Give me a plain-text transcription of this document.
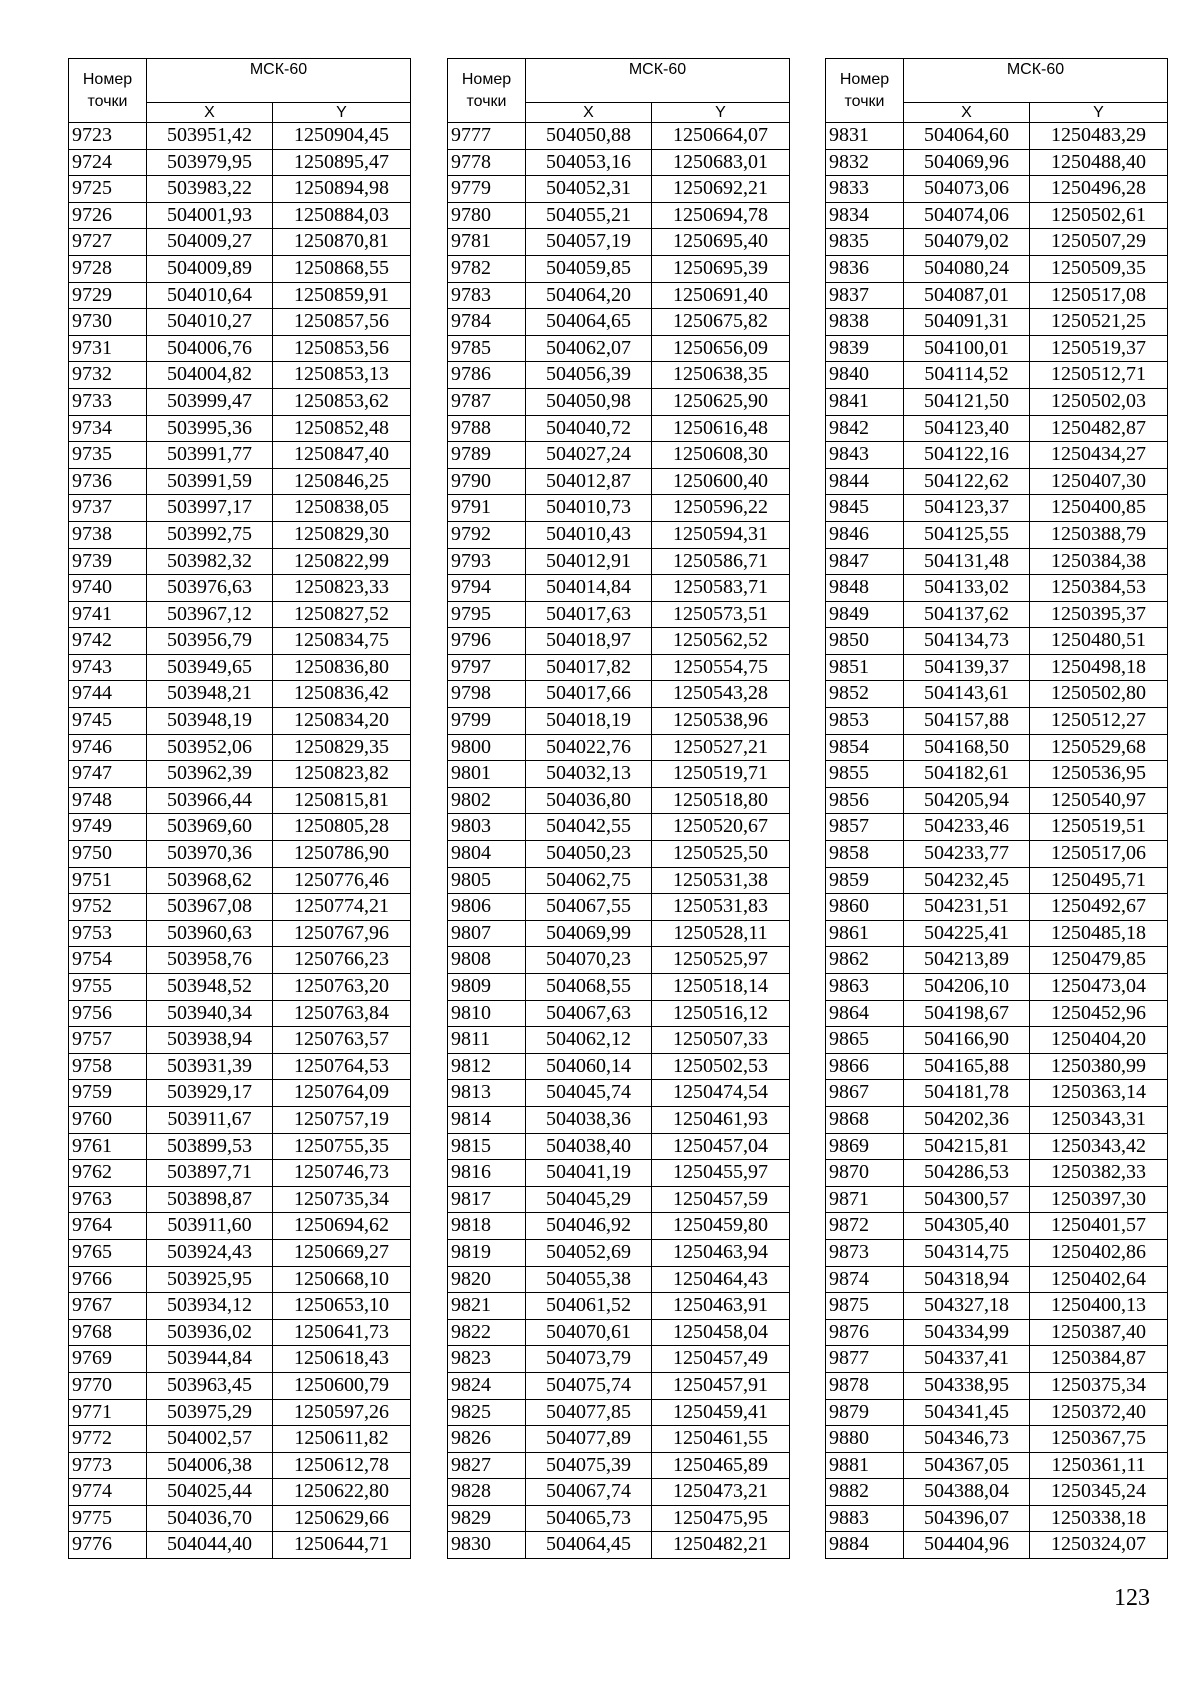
Номер точки	МСК-60	
	X	Y
9723	503951,42	1250904,45
9724	503979,95	1250895,47
9725	503983,22	1250894,98
9726	504001,93	1250884,03
9727	504009,27	1250870,81
9728	504009,89	1250868,55
9729	504010,64	1250859,91
9730	504010,27	1250857,56
9731	504006,76	1250853,56
9732	504004,82	1250853,13
9733	503999,47	1250853,62
9734	503995,36	1250852,48
9735	503991,77	1250847,40
9736	503991,59	1250846,25
9737	503997,17	1250838,05
9738	503992,75	1250829,30
9739	503982,32	1250822,99
9740	503976,63	1250823,33
9741	503967,12	1250827,52
9742	503956,79	1250834,75
9743	503949,65	1250836,80
9744	503948,21	1250836,42
9745	503948,19	1250834,20
9746	503952,06	1250829,35
9747	503962,39	1250823,82
9748	503966,44	1250815,81
9749	503969,60	1250805,28
9750	503970,36	1250786,90
9751	503968,62	1250776,46
9752	503967,08	1250774,21
9753	503960,63	1250767,96
9754	503958,76	1250766,23
9755	503948,52	1250763,20
9756	503940,34	1250763,84
9757	503938,94	1250763,57
9758	503931,39	1250764,53
9759	503929,17	1250764,09
9760	503911,67	1250757,19
9761	503899,53	1250755,35
9762	503897,71	1250746,73
9763	503898,87	1250735,34
9764	503911,60	1250694,62
9765	503924,43	1250669,27
9766	503925,95	1250668,10
9767	503934,12	1250653,10
9768	503936,02	1250641,73
9769	503944,84	1250618,43
9770	503963,45	1250600,79
9771	503975,29	1250597,26
9772	504002,57	1250611,82
9773	504006,38	1250612,78
9774	504025,44	1250622,80
9775	504036,70	1250629,66
9776	504044,40	1250644,71
Номер точки	МСК-60	
	X	Y
9777	504050,88	1250664,07
9778	504053,16	1250683,01
9779	504052,31	1250692,21
9780	504055,21	1250694,78
9781	504057,19	1250695,40
9782	504059,85	1250695,39
9783	504064,20	1250691,40
9784	504064,65	1250675,82
9785	504062,07	1250656,09
9786	504056,39	1250638,35
9787	504050,98	1250625,90
9788	504040,72	1250616,48
9789	504027,24	1250608,30
9790	504012,87	1250600,40
9791	504010,73	1250596,22
9792	504010,43	1250594,31
9793	504012,91	1250586,71
9794	504014,84	1250583,71
9795	504017,63	1250573,51
9796	504018,97	1250562,52
9797	504017,82	1250554,75
9798	504017,66	1250543,28
9799	504018,19	1250538,96
9800	504022,76	1250527,21
9801	504032,13	1250519,71
9802	504036,80	1250518,80
9803	504042,55	1250520,67
9804	504050,23	1250525,50
9805	504062,75	1250531,38
9806	504067,55	1250531,83
9807	504069,99	1250528,11
9808	504070,23	1250525,97
9809	504068,55	1250518,14
9810	504067,63	1250516,12
9811	504062,12	1250507,33
9812	504060,14	1250502,53
9813	504045,74	1250474,54
9814	504038,36	1250461,93
9815	504038,40	1250457,04
9816	504041,19	1250455,97
9817	504045,29	1250457,59
9818	504046,92	1250459,80
9819	504052,69	1250463,94
9820	504055,38	1250464,43
9821	504061,52	1250463,91
9822	504070,61	1250458,04
9823	504073,79	1250457,49
9824	504075,74	1250457,91
9825	504077,85	1250459,41
9826	504077,89	1250461,55
9827	504075,39	1250465,89
9828	504067,74	1250473,21
9829	504065,73	1250475,95
9830	504064,45	1250482,21
Номер точки	МСК-60	
	X	Y
9831	504064,60	1250483,29
9832	504069,96	1250488,40
9833	504073,06	1250496,28
9834	504074,06	1250502,61
9835	504079,02	1250507,29
9836	504080,24	1250509,35
9837	504087,01	1250517,08
9838	504091,31	1250521,25
9839	504100,01	1250519,37
9840	504114,52	1250512,71
9841	504121,50	1250502,03
9842	504123,40	1250482,87
9843	504122,16	1250434,27
9844	504122,62	1250407,30
9845	504123,37	1250400,85
9846	504125,55	1250388,79
9847	504131,48	1250384,38
9848	504133,02	1250384,53
9849	504137,62	1250395,37
9850	504134,73	1250480,51
9851	504139,37	1250498,18
9852	504143,61	1250502,80
9853	504157,88	1250512,27
9854	504168,50	1250529,68
9855	504182,61	1250536,95
9856	504205,94	1250540,97
9857	504233,46	1250519,51
9858	504233,77	1250517,06
9859	504232,45	1250495,71
9860	504231,51	1250492,67
9861	504225,41	1250485,18
9862	504213,89	1250479,85
9863	504206,10	1250473,04
9864	504198,67	1250452,96
9865	504166,90	1250404,20
9866	504165,88	1250380,99
9867	504181,78	1250363,14
9868	504202,36	1250343,31
9869	504215,81	1250343,42
9870	504286,53	1250382,33
9871	504300,57	1250397,30
9872	504305,40	1250401,57
9873	504314,75	1250402,86
9874	504318,94	1250402,64
9875	504327,18	1250400,13
9876	504334,99	1250387,40
9877	504337,41	1250384,87
9878	504338,95	1250375,34
9879	504341,45	1250372,40
9880	504346,73	1250367,75
9881	504367,05	1250361,11
9882	504388,04	1250345,24
9883	504396,07	1250338,18
9884	504404,96	1250324,07
123
